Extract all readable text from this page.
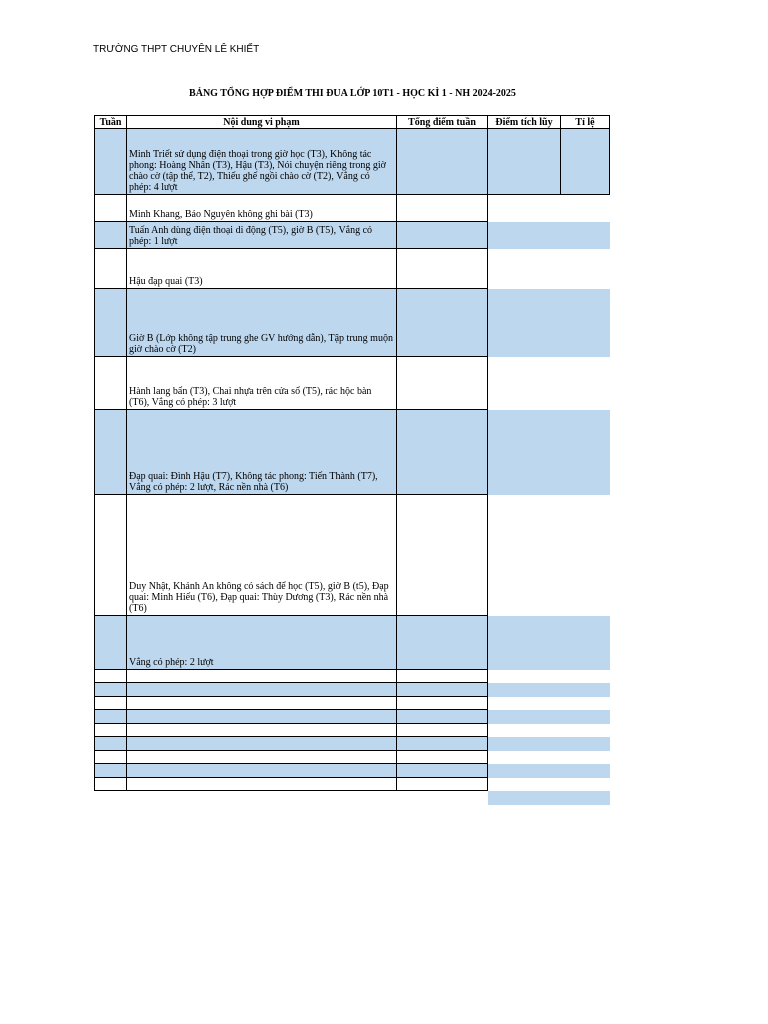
TRƯỜNG THPT CHUYÊN LÊ KHIẾT
BẢNG TỔNG HỢP ĐIỂM THI ĐUA LỚP 10T1 - HỌC KÌ 1 - NH 2024-2025
Tuần	Nội dung vi phạm	Tổng điểm tuần	Điểm tích lũy	Tỉ lệ
Minh Triết sử dụng điện thoại trong giờ học (T3), Không tác phong: Hoàng Nhân (T3), Hậu (T3), Nói chuyện riêng trong giờ chào cờ (tập thể, T2), Thiếu ghế ngồi chào cờ (T2), Vắng có phép: 4 lượt
Minh Khang, Bảo Nguyên không ghi bài (T3)
Tuấn Anh dùng điện thoại di động (T5), giờ B (T5), Vắng có phép: 1 lượt
Hậu đạp quai (T3)
Giờ B (Lớp không tập trung ghe GV hướng dẫn), Tập trung muộn giờ chào cờ (T2)
Hành lang bẩn (T3), Chai nhựa trên cửa sổ (T5), rác hộc bàn (T6), Vắng có phép: 3 lượt
Đạp quai: Đình Hậu (T7), Không tác phong: Tiến Thành (T7), Vắng có phép: 2 lượt, Rác nền nhà (T6)
Duy Nhật, Khánh An không có sách để học (T5), giờ B (t5), Đạp quai: Minh Hiếu (T6), Đạp quai: Thùy Dương (T3), Rác nền nhà (T6)
Vắng có phép: 2 lượt
